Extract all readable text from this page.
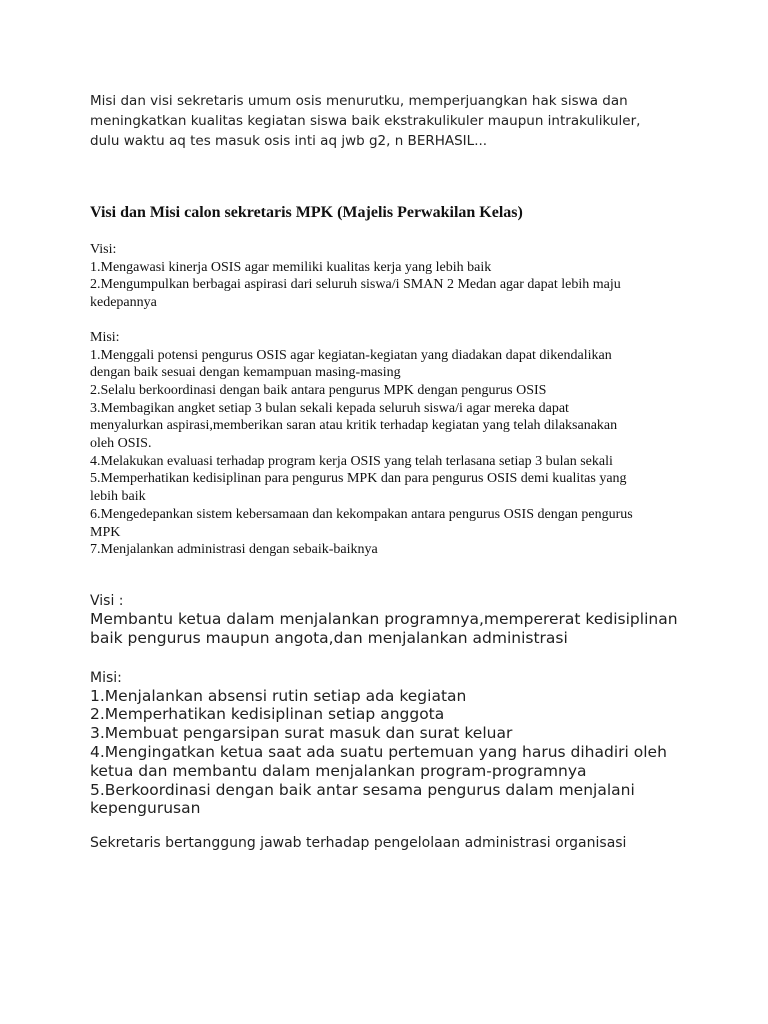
Misi dan visi sekretaris umum osis menurutku, memperjuangkan hak siswa dan
meningkatkan kualitas kegiatan siswa baik ekstrakulikuler maupun intrakulikuler,
dulu waktu aq tes masuk osis inti aq jwb g2, n BERHASIL...
Visi dan Misi calon sekretaris MPK (Majelis Perwakilan Kelas)
Visi:
1.Mengawasi kinerja OSIS agar memiliki kualitas kerja yang lebih baik
2.Mengumpulkan berbagai aspirasi dari seluruh siswa/i SMAN 2 Medan agar dapat lebih maju
kedepannya
Misi:
1.Menggali potensi pengurus OSIS agar kegiatan-kegiatan yang diadakan dapat dikendalikan
dengan baik sesuai dengan kemampuan masing-masing
2.Selalu berkoordinasi dengan baik antara pengurus MPK dengan pengurus OSIS
3.Membagikan angket setiap 3 bulan sekali kepada seluruh siswa/i agar mereka dapat
menyalurkan aspirasi,memberikan saran atau kritik terhadap kegiatan yang telah dilaksanakan
oleh OSIS.
4.Melakukan evaluasi terhadap program kerja OSIS yang telah terlasana setiap 3 bulan sekali
5.Memperhatikan kedisiplinan para pengurus MPK dan para pengurus OSIS demi kualitas yang
lebih baik
6.Mengedepankan sistem kebersamaan dan kekompakan antara pengurus OSIS dengan pengurus
MPK
7.Menjalankan administrasi dengan sebaik-baiknya
Visi :
Membantu ketua dalam menjalankan programnya,mempererat kedisiplinan
baik pengurus maupun angota,dan menjalankan administrasi
Misi:
1.Menjalankan absensi rutin setiap ada kegiatan
2.Memperhatikan kedisiplinan setiap anggota
3.Membuat pengarsipan surat masuk dan surat keluar
4.Mengingatkan ketua saat ada suatu pertemuan yang harus dihadiri oleh
ketua dan membantu dalam menjalankan program-programnya
5.Berkoordinasi dengan baik antar sesama pengurus dalam menjalani
kepengurusan
Sekretaris bertanggung jawab terhadap pengelolaan administrasi organisasi
